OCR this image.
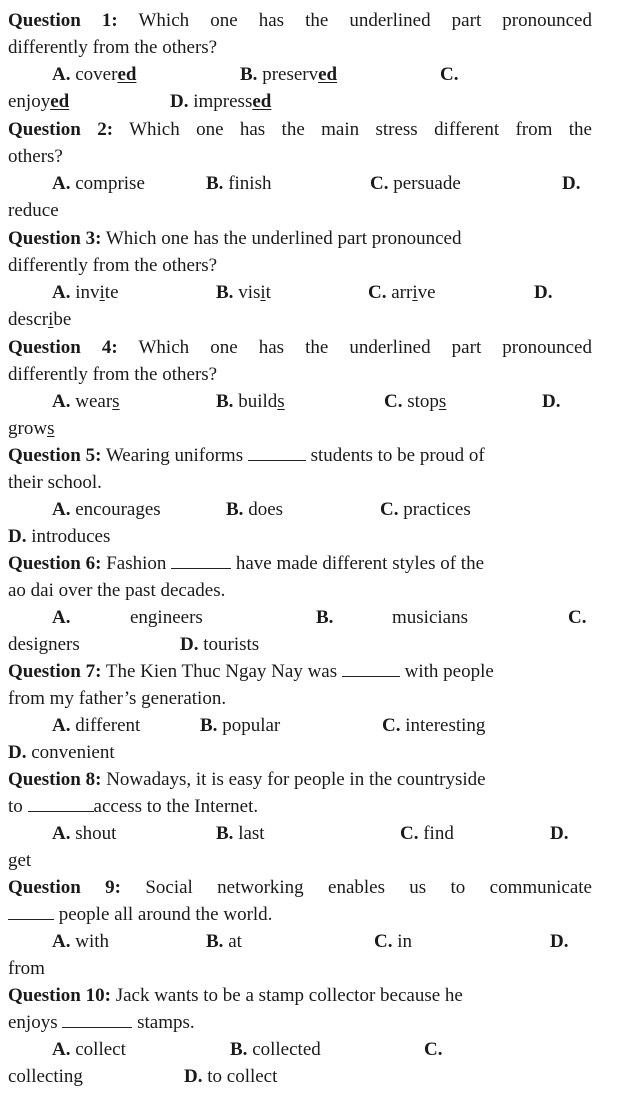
Question 1: Which one has the underlined part pronounced
differently from the others?
A. covered	B. preserved	C.
enjoyed	D. impressed
Question 2: Which one has the main stress different from the
others?
A. comprise	B. finish	C. persuade	D.
reduce
Question 3: Which one has the underlined part pronounced
differently from the others?
A. invite	B. visit	C. arrive	D.
describe
Question 4: Which one has the underlined part pronounced
differently from the others?
A. wears	B. builds	C. stops	D.
grows
Question 5: Wearing uniforms	students to be proud of
their school.
A. encourages	B. does	C. practices
D. introduces
Question 6: Fashion	have made different styles of the
ao dai over the past decades.
A.	engineers	B.	musicians	C.
designers	D. tourists
Question 7: The Kien Thuc Ngay Nay was	with people
from my father’s generation.
A. different	B. popular	C. interesting
D. convenient
Question 8: Nowadays, it is easy for people in the countryside
to	access to the Internet.
A. shout	B. last	C. find	D.
get
Question 9: Social networking enables us to communicate
people all around the world.
A. with	B. at	C. in	D.
from
Question 10: Jack wants to be a stamp collector because he
enjoys	stamps.
A. collect	B. collected	C.
collecting	D. to collect
